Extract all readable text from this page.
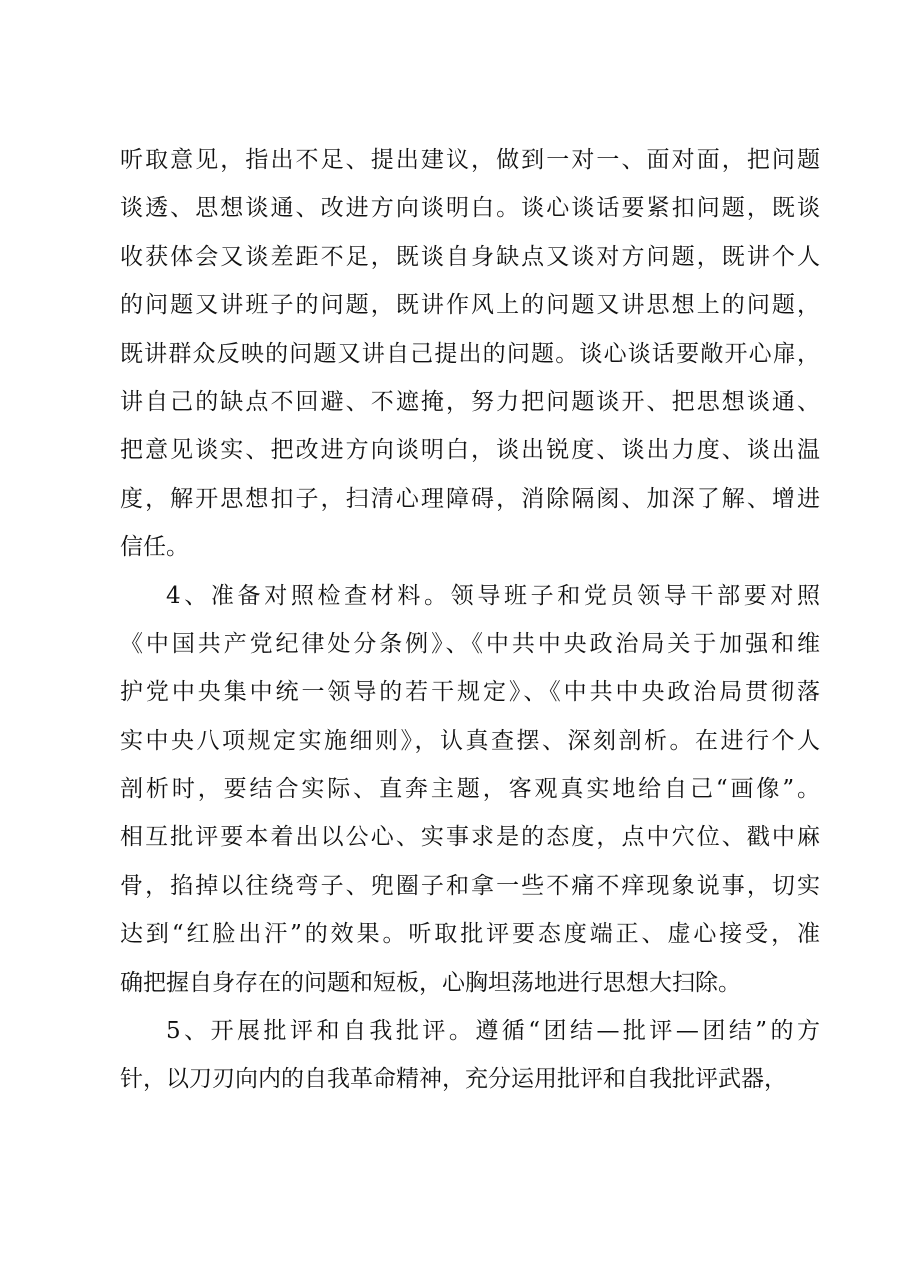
听取意见，指出不足、提出建议，做到一对一、面对面，把问题
谈透、思想谈通、改进方向谈明白。谈心谈话要紧扣问题，既谈
收获体会又谈差距不足，既谈自身缺点又谈对方问题，既讲个人
的问题又讲班子的问题，既讲作风上的问题又讲思想上的问题，
既讲群众反映的问题又讲自己提出的问题。谈心谈话要敞开心扉，
讲自己的缺点不回避、不遮掩，努力把问题谈开、把思想谈通、
把意见谈实、把改进方向谈明白，谈出锐度、谈出力度、谈出温
度，解开思想扣子，扫清心理障碍，消除隔阂、加深了解、增进
信任。
4、准备对照检查材料。领导班子和党员领导干部要对照
《中国共产党纪律处分条例》、《中共中央政治局关于加强和维
护党中央集中统一领导的若干规定》、《中共中央政治局贯彻落
实中央八项规定实施细则》，认真查摆、深刻剖析。在进行个人
剖析时，要结合实际、直奔主题，客观真实地给自己“画像”。
相互批评要本着出以公心、实事求是的态度，点中穴位、戳中麻
骨，掐掉以往绕弯子、兜圈子和拿一些不痛不痒现象说事，切实
达到“红脸出汗”的效果。听取批评要态度端正、虚心接受，准
确把握自身存在的问题和短板，心胸坦荡地进行思想大扫除。
5、开展批评和自我批评。遵循“团结—批评—团结”的方
针，以刀刃向内的自我革命精神，充分运用批评和自我批评武器，
